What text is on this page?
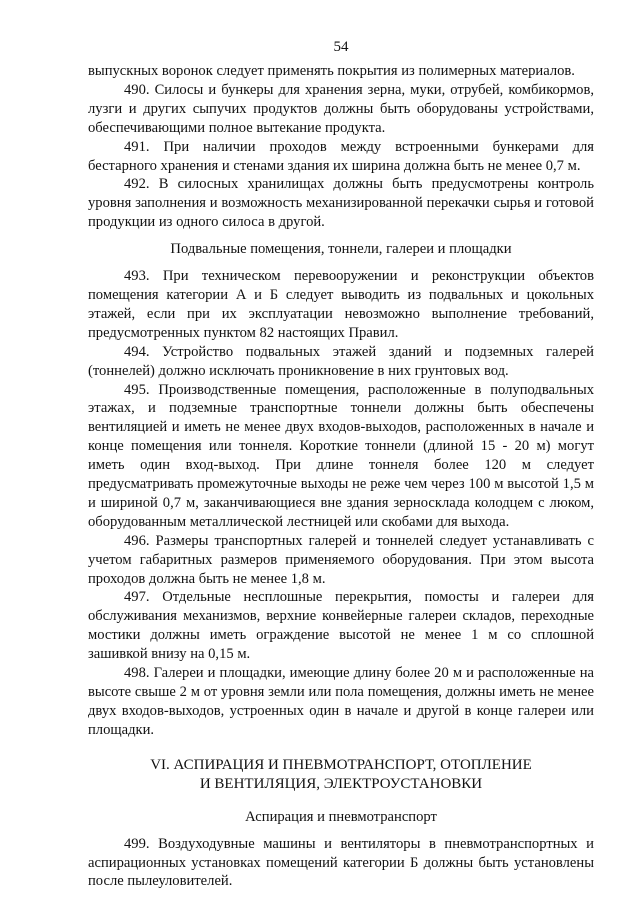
54

выпускных воронок следует применять покрытия из полимерных материалов.

490. Силосы и бункеры для хранения зерна, муки, отрубей, комбикормов, лузги и других сыпучих продуктов должны быть оборудованы устройствами, обеспечивающими полное вытекание продукта.

491. При наличии проходов между встроенными бункерами для бестарного хранения и стенами здания их ширина должна быть не менее 0,7 м.

492. В силосных хранилищах должны быть предусмотрены контроль уровня заполнения и возможность механизированной перекачки сырья и готовой продукции из одного силоса в другой.

Подвальные помещения, тоннели, галереи и площадки

493. При техническом перевооружении и реконструкции объектов помещения категории А и Б следует выводить из подвальных и цокольных этажей, если при их эксплуатации невозможно выполнение требований, предусмотренных пунктом 82 настоящих Правил.

494. Устройство подвальных этажей зданий и подземных галерей (тоннелей) должно исключать проникновение в них грунтовых вод.

495. Производственные помещения, расположенные в полуподвальных этажах, и подземные транспортные тоннели должны быть обеспечены вентиляцией и иметь не менее двух входов-выходов, расположенных в начале и конце помещения или тоннеля. Короткие тоннели (длиной 15 - 20 м) могут иметь один вход-выход. При длине тоннеля более 120 м следует предусматривать промежуточные выходы не реже чем через 100 м высотой 1,5 м и шириной 0,7 м, заканчивающиеся вне здания зерносклада колодцем с люком, оборудованным металлической лестницей или скобами для выхода.

496. Размеры транспортных галерей и тоннелей следует устанавливать с учетом габаритных размеров применяемого оборудования. При этом высота проходов должна быть не менее 1,8 м.

497. Отдельные несплошные перекрытия, помосты и галереи для обслуживания механизмов, верхние конвейерные галереи складов, переходные мостики должны иметь ограждение высотой не менее 1 м со сплошной зашивкой внизу на 0,15 м.

498. Галереи и площадки, имеющие длину более 20 м и расположенные на высоте свыше 2 м от уровня земли или пола помещения, должны иметь не менее двух входов-выходов, устроенных один в начале и другой в конце галереи или площадки.

VI. АСПИРАЦИЯ И ПНЕВМОТРАНСПОРТ, ОТОПЛЕНИЕ
И ВЕНТИЛЯЦИЯ, ЭЛЕКТРОУСТАНОВКИ
Аспирация и пневмотранспорт

499. Воздуходувные машины и вентиляторы в пневмотранспортных и аспирационных установках помещений категории Б должны быть установлены после пылеуловителей.
